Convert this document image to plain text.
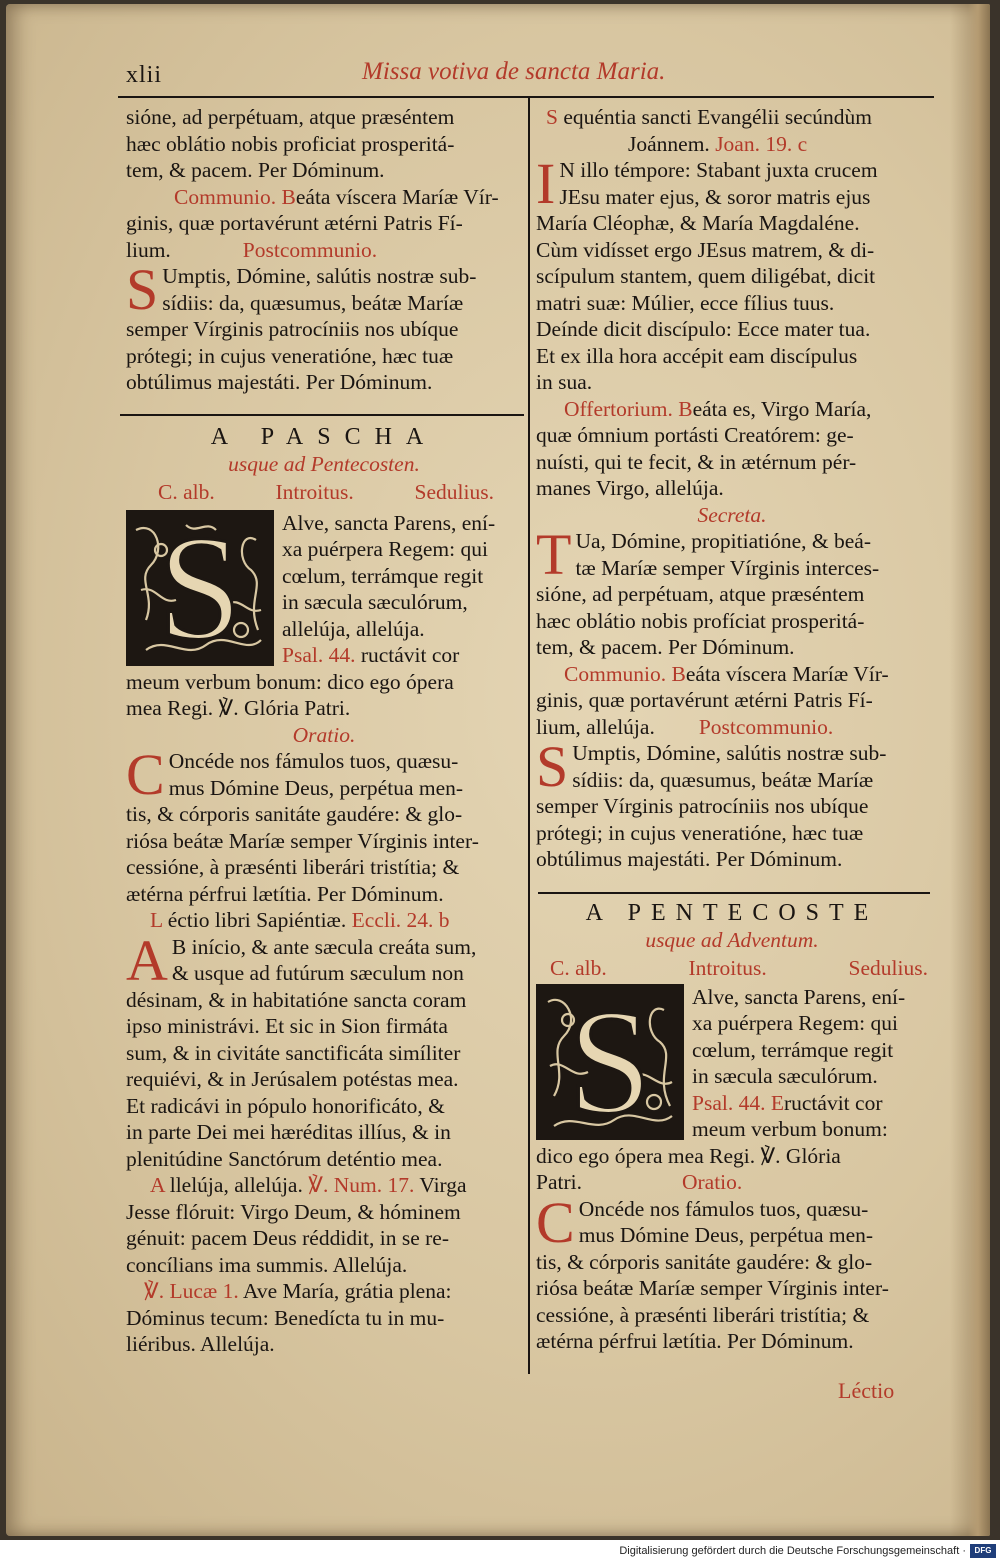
xlii	Missa votiva de sancta Maria.

sióne, ad perpétuam, atque præséntem

hæc oblátio nobis proficiat prosperitá-

tem, & pacem. Per Dóminum.

Communio. Beáta víscera Maríæ Vír-

ginis, quæ portavérunt ætérni Patris Fí-

lium.	Postcommunio.

S Umptis, Dómine, salútis nostræ sub-

sídiis: da, quæsumus, beátæ Maríæ

semper Vírginis patrocíniis nos ubíque

prótegi; in cujus veneratióne, hæc tuæ

obtúlimus majestáti. Per Dóminum.

A PASCHA

usque ad Pentecosten.

C. alb.	Introitus.	Sedulius.

S	Alve, sancta Parens, ení-

xa puérpera Regem: qui

cœlum, terrámque regit

in sæcula sæculórum,

allelúja, allelúja.

Psal. 44. ructávit cor

meum verbum bonum: dico ego ópera

mea Regi. ℣. Glória Patri.

Oratio.

C Oncéde nos fámulos tuos, quæsu-

mus Dómine Deus, perpétua men-

tis, & córporis sanitáte gaudére: & glo-

riósa beátæ Maríæ semper Vírginis inter-

cessióne, à præsénti liberári tristítia; &

ætérna pérfrui lætítia. Per Dóminum.

L éctio libri Sapiéntiæ. Eccli. 24. b

A B início, & ante sæcula creáta sum,

& usque ad futúrum sæculum non

désinam, & in habitatióne sancta coram

ipso ministrávi. Et sic in Sion firmáta

sum, & in civitáte sanctificáta simíliter

requiévi, & in Jerúsalem potéstas mea.

Et radicávi in pópulo honorificáto, &

in parte Dei mei hæréditas illíus, & in

plenitúdine Sanctórum deténtio mea.

A llelúja, allelúja. ℣. Num. 17. Virga

Jesse flóruit: Virgo Deum, & hóminem

génuit: pacem Deus réddidit, in se re-

concílians ima summis. Allelúja.

℣. Lucæ 1. Ave María, grátia plena:

Dóminus tecum: Benedícta tu in mu-

liéribus. Allelúja.

S equéntia sancti Evangélii secúndùm

Joánnem. Joan. 19. c

I N illo témpore: Stabant juxta crucem

JEsu mater ejus, & soror matris ejus

María Cléophæ, & María Magdaléne.

Cùm vidísset ergo JEsus matrem, & di-

scípulum stantem, quem diligébat, dicit

matri suæ: Múlier, ecce fílius tuus.

Deínde dicit discípulo: Ecce mater tua.

Et ex illa hora accépit eam discípulus

in sua.

Offertorium. Beáta es, Virgo María,

quæ ómnium portásti Creatórem: ge-

nuísti, qui te fecit, & in ætérnum pér-

manes Virgo, allelúja.

Secreta.

T Ua, Dómine, propitiatióne, & beá-

tæ Maríæ semper Vírginis interces-

sióne, ad perpétuam, atque præséntem

hæc oblátio nobis profíciat prosperitá-

tem, & pacem. Per Dóminum.

Communio. Beáta víscera Maríæ Vír-

ginis, quæ portavérunt ætérni Patris Fí-

lium, allelúja. Postcommunio.

S Umptis, Dómine, salútis nostræ sub-

sídiis: da, quæsumus, beátæ Maríæ

semper Vírginis patrocíniis nos ubíque

prótegi; in cujus veneratióne, hæc tuæ

obtúlimus majestáti. Per Dóminum.

A PENTECOSTE

usque ad Adventum.

C. alb.	Introitus.	Sedulius.

S	Alve, sancta Parens, ení-

xa puérpera Regem: qui

cœlum, terrámque regit

in sæcula sæculórum.

Psal. 44. Eructávit cor

meum verbum bonum:

dico ego ópera mea Regi. ℣. Glória

Patri.	Oratio.

C Oncéde nos fámulos tuos, quæsu-

mus Dómine Deus, perpétua men-

tis, & córporis sanitáte gaudére: & glo-

riósa beátæ Maríæ semper Vírginis inter-

cessióne, à præsénti liberári tristítia; &

ætérna pérfrui lætítia. Per Dóminum.

Léctio
Digitalisierung gefördert durch die Deutsche Forschungsgemeinschaft ·	DFG
